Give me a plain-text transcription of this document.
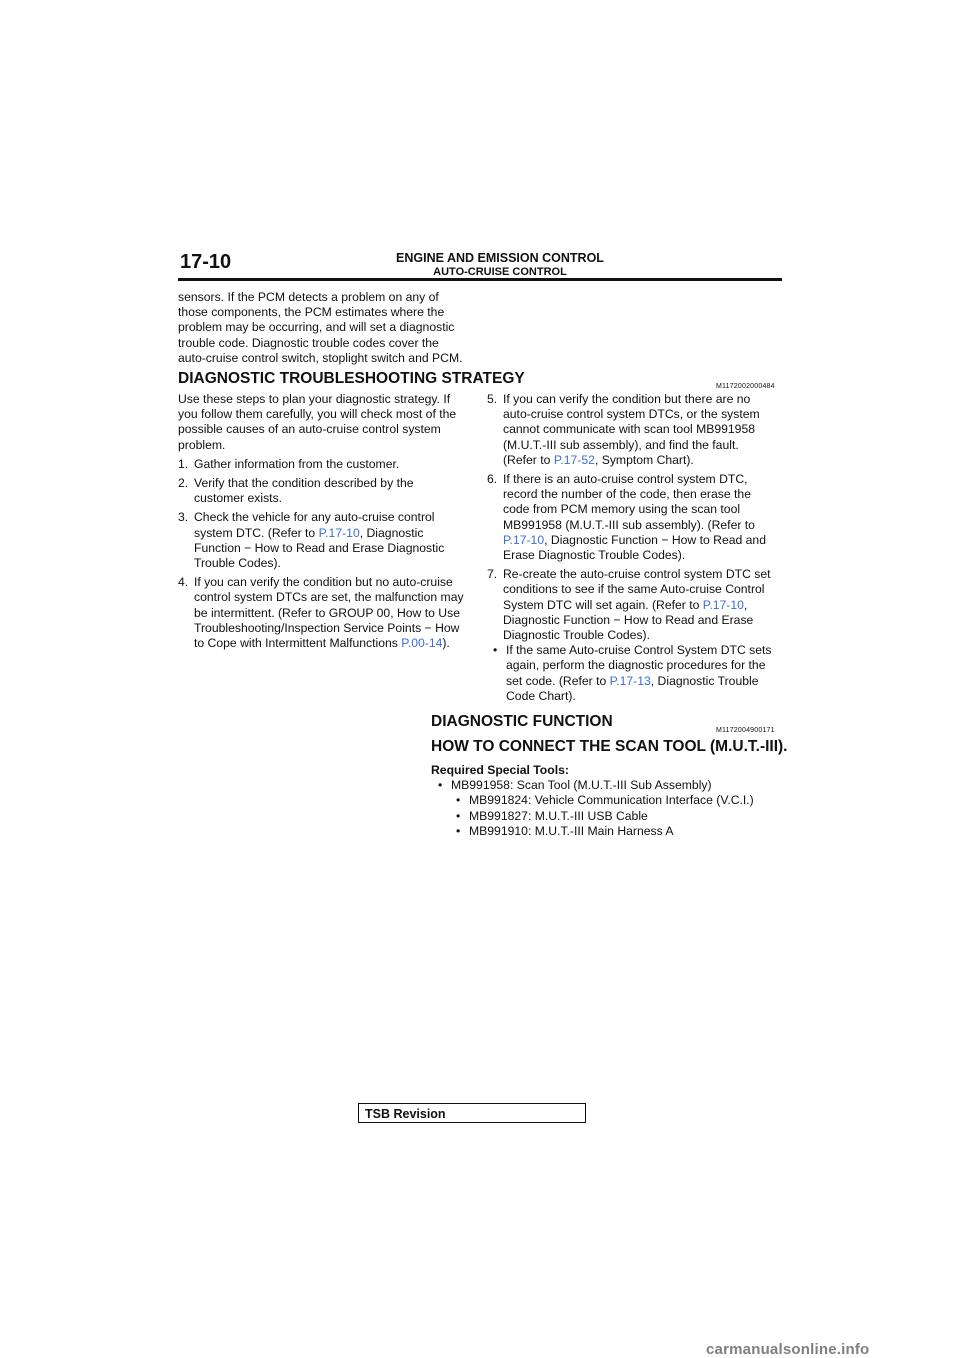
17-10	ENGINE AND EMISSION CONTROL
AUTO-CRUISE CONTROL
sensors. If the PCM detects a problem on any of
those components, the PCM estimates where the
problem may be occurring, and will set a diagnostic
trouble code. Diagnostic trouble codes cover the
auto-cruise control switch, stoplight switch and PCM.
DIAGNOSTIC TROUBLESHOOTING STRATEGY	M1172002000484
Use these steps to plan your diagnostic strategy. If
you follow them carefully, you will check most of the
possible causes of an auto-cruise control system
problem.
1. Gather information from the customer.
2. Verify that the condition described by the
customer exists.
3. Check the vehicle for any auto-cruise control
system DTC. (Refer to P.17-10, Diagnostic
Function − How to Read and Erase Diagnostic
Trouble Codes).
4. If you can verify the condition but no auto-cruise
control system DTCs are set, the malfunction may
be intermittent. (Refer to GROUP 00, How to Use
Troubleshooting/Inspection Service Points − How
to Cope with Intermittent Malfunctions P.00-14).
5. If you can verify the condition but there are no
auto-cruise control system DTCs, or the system
cannot communicate with scan tool MB991958
(M.U.T.-III sub assembly), and find the fault.
(Refer to P.17-52, Symptom Chart).
6. If there is an auto-cruise control system DTC,
record the number of the code, then erase the
code from PCM memory using the scan tool
MB991958 (M.U.T.-III sub assembly). (Refer to
P.17-10, Diagnostic Function − How to Read and
Erase Diagnostic Trouble Codes).
7. Re-create the auto-cruise control system DTC set
conditions to see if the same Auto-cruise Control
System DTC will set again. (Refer to P.17-10,
Diagnostic Function − How to Read and Erase
Diagnostic Trouble Codes).
• If the same Auto-cruise Control System DTC sets
again, perform the diagnostic procedures for the
set code. (Refer to P.17-13, Diagnostic Trouble
Code Chart).
DIAGNOSTIC FUNCTION
M1172004900171
HOW TO CONNECT THE SCAN TOOL (M.U.T.-III).
Required Special Tools:
• MB991958: Scan Tool (M.U.T.-III Sub Assembly)
• MB991824: Vehicle Communication Interface (V.C.I.)
• MB991827: M.U.T.-III USB Cable
• MB991910: M.U.T.-III Main Harness A
TSB Revision
carmanualsonline.info
